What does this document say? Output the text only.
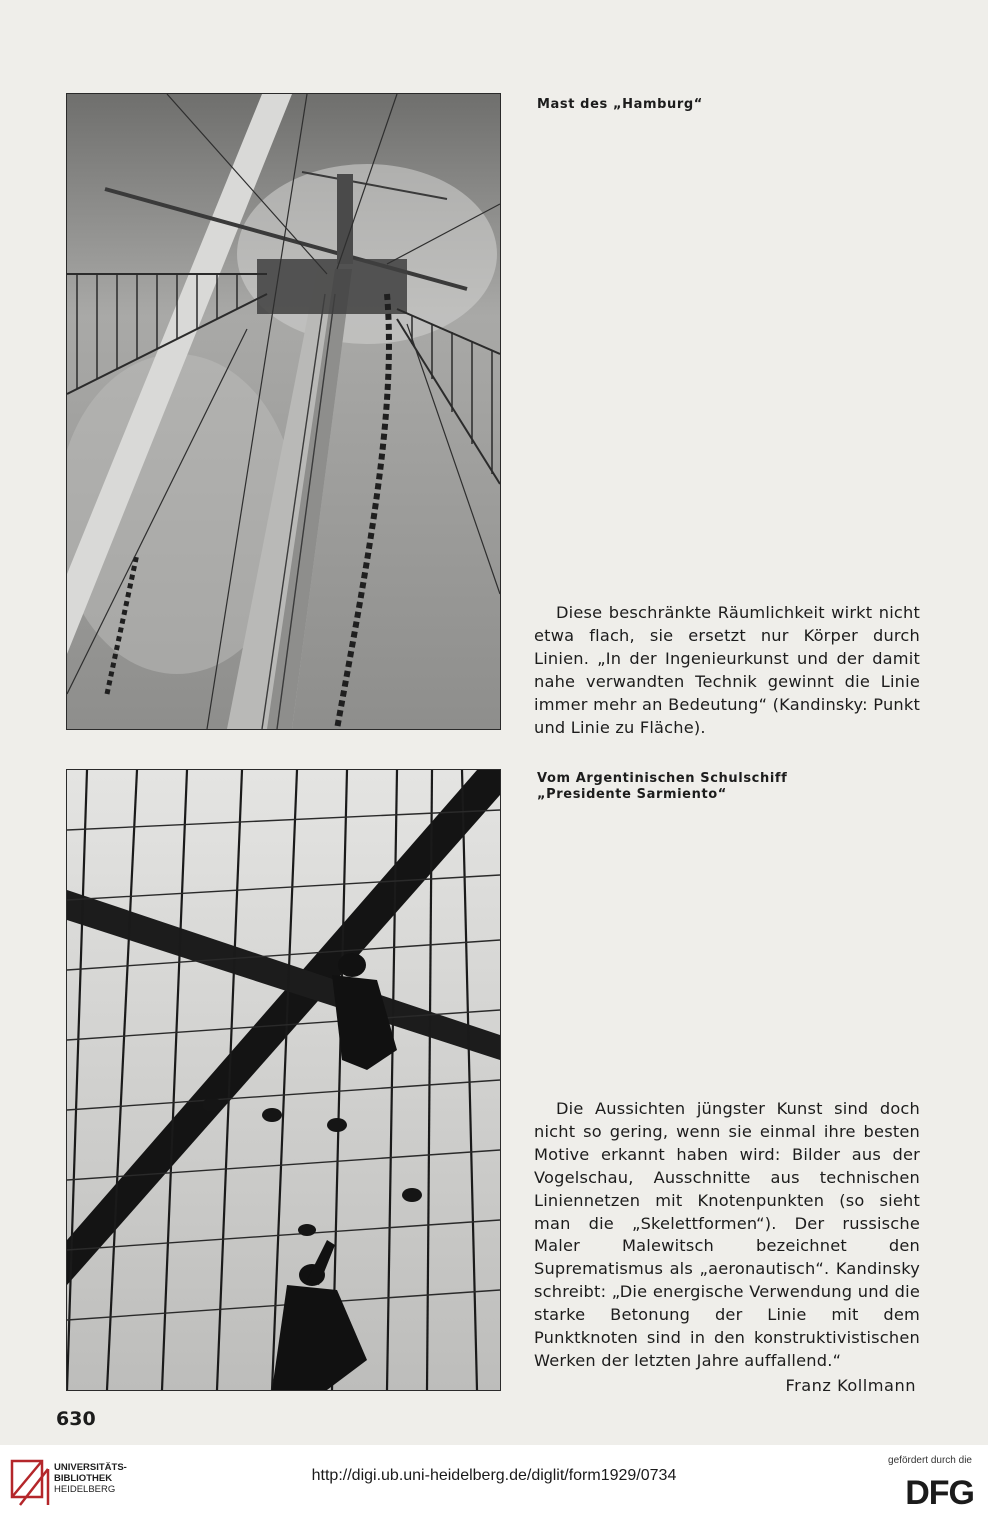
Mast des „Hamburg“

Diese beschränkte Räumlichkeit wirkt nicht etwa flach, sie ersetzt nur Körper durch Linien. „In der Ingenieurkunst und der damit nahe verwandten Technik gewinnt die Linie immer mehr an Bedeutung“ (Kandinsky: Punkt und Linie zu Fläche).

Vom Argentinischen Schulschiff
„Presidente Sarmiento“

Die Aussichten jüngster Kunst sind doch nicht so gering, wenn sie einmal ihre besten Motive erkannt haben wird: Bilder aus der Vogelschau, Ausschnitte aus technischen Liniennetzen mit Knotenpunkten (so sieht man die „Skelettformen“). Der russische Maler Malewitsch bezeichnet den Suprematismus als „aeronautisch“. Kandinsky schreibt: „Die energische Verwendung und die starke Betonung der Linie mit dem Punktknoten sind in den konstruktivistischen Werken der letzten Jahre auffallend.“

Franz Kollmann
630
UNIVERSITÄTS-
BIBLIOTHEK
HEIDELBERG
http://digi.ub.uni-heidelberg.de/diglit/form1929/0734
gefördert durch die
DFG
